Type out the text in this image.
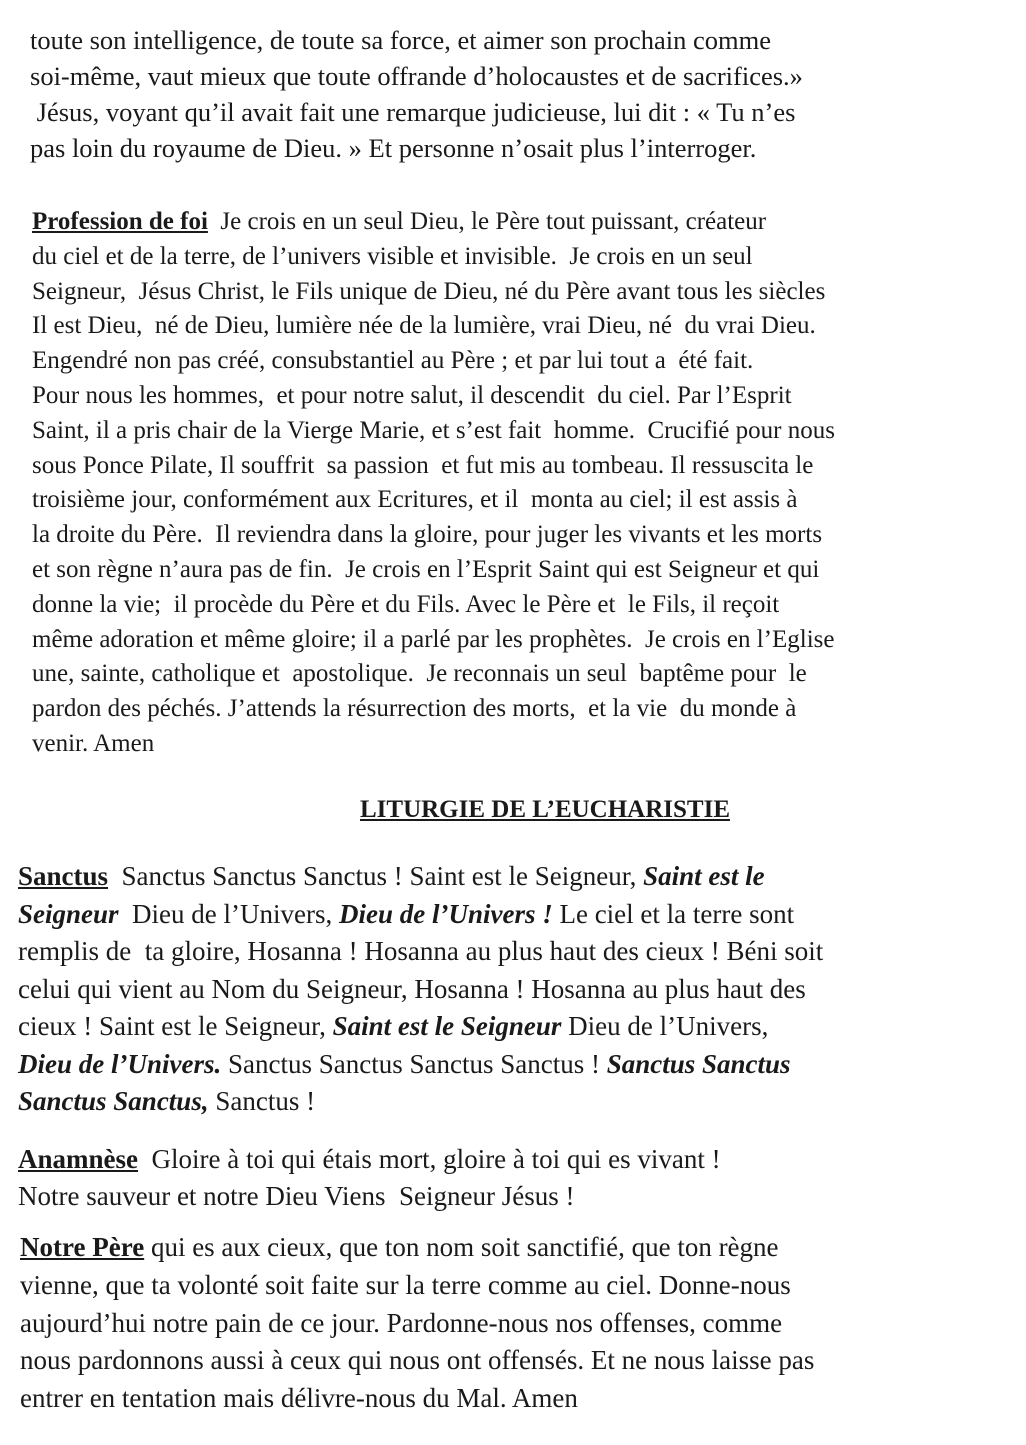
toute son intelligence, de toute sa force, et aimer son prochain comme
soi-même, vaut mieux que toute offrande d’holocaustes et de sacrifices.»
Jésus, voyant qu’il avait fait une remarque judicieuse, lui dit : « Tu n’es
pas loin du royaume de Dieu. » Et personne n’osait plus l’interroger.
Profession de foi  Je crois en un seul Dieu, le Père tout puissant, créateur
du ciel et de la terre, de l’univers visible et invisible.  Je crois en un seul
Seigneur,  Jésus Christ, le Fils unique de Dieu, né du Père avant tous les siècles
Il est Dieu,  né de Dieu, lumière née de la lumière, vrai Dieu, né  du vrai Dieu.
Engendré non pas créé, consubstantiel au Père ; et par lui tout a  été fait.
Pour nous les hommes,  et pour notre salut, il descendit  du ciel. Par l’Esprit
Saint, il a pris chair de la Vierge Marie, et s’est fait  homme.  Crucifié pour nous
sous Ponce Pilate, Il souffrit  sa passion  et fut mis au tombeau. Il ressuscita le
troisième jour, conformément aux Ecritures, et il  monta au ciel; il est assis à
la droite du Père.  Il reviendra dans la gloire, pour juger les vivants et les morts
et son règne n’aura pas de fin.  Je crois en l’Esprit Saint qui est Seigneur et qui
donne la vie;  il procède du Père et du Fils. Avec le Père et  le Fils, il reçoit
même adoration et même gloire; il a parlé par les prophètes.  Je crois en l’Eglise
une, sainte, catholique et  apostolique.  Je reconnais un seul  baptême pour  le
pardon des péchés. J’attends la résurrection des morts,  et la vie  du monde à
venir. Amen
LITURGIE DE L’EUCHARISTIE
Sanctus  Sanctus Sanctus Sanctus ! Saint est le Seigneur, Saint est le
Seigneur  Dieu de l’Univers, Dieu de l’Univers ! Le ciel et la terre sont
remplis de  ta gloire, Hosanna ! Hosanna au plus haut des cieux ! Béni soit
celui qui vient au Nom du Seigneur, Hosanna ! Hosanna au plus haut des
cieux ! Saint est le Seigneur, Saint est le Seigneur Dieu de l’Univers,
Dieu de l’Univers. Sanctus Sanctus Sanctus Sanctus ! Sanctus Sanctus
Sanctus Sanctus, Sanctus !
Anamnèse  Gloire à toi qui étais mort, gloire à toi qui es vivant !
Notre sauveur et notre Dieu Viens  Seigneur Jésus !
Notre Père qui es aux cieux, que ton nom soit sanctifié, que ton règne
vienne, que ta volonté soit faite sur la terre comme au ciel. Donne-nous
aujourd’hui notre pain de ce jour. Pardonne-nous nos offenses, comme
nous pardonnons aussi à ceux qui nous ont offensés. Et ne nous laisse pas
entrer en tentation mais délivre-nous du Mal. Amen
